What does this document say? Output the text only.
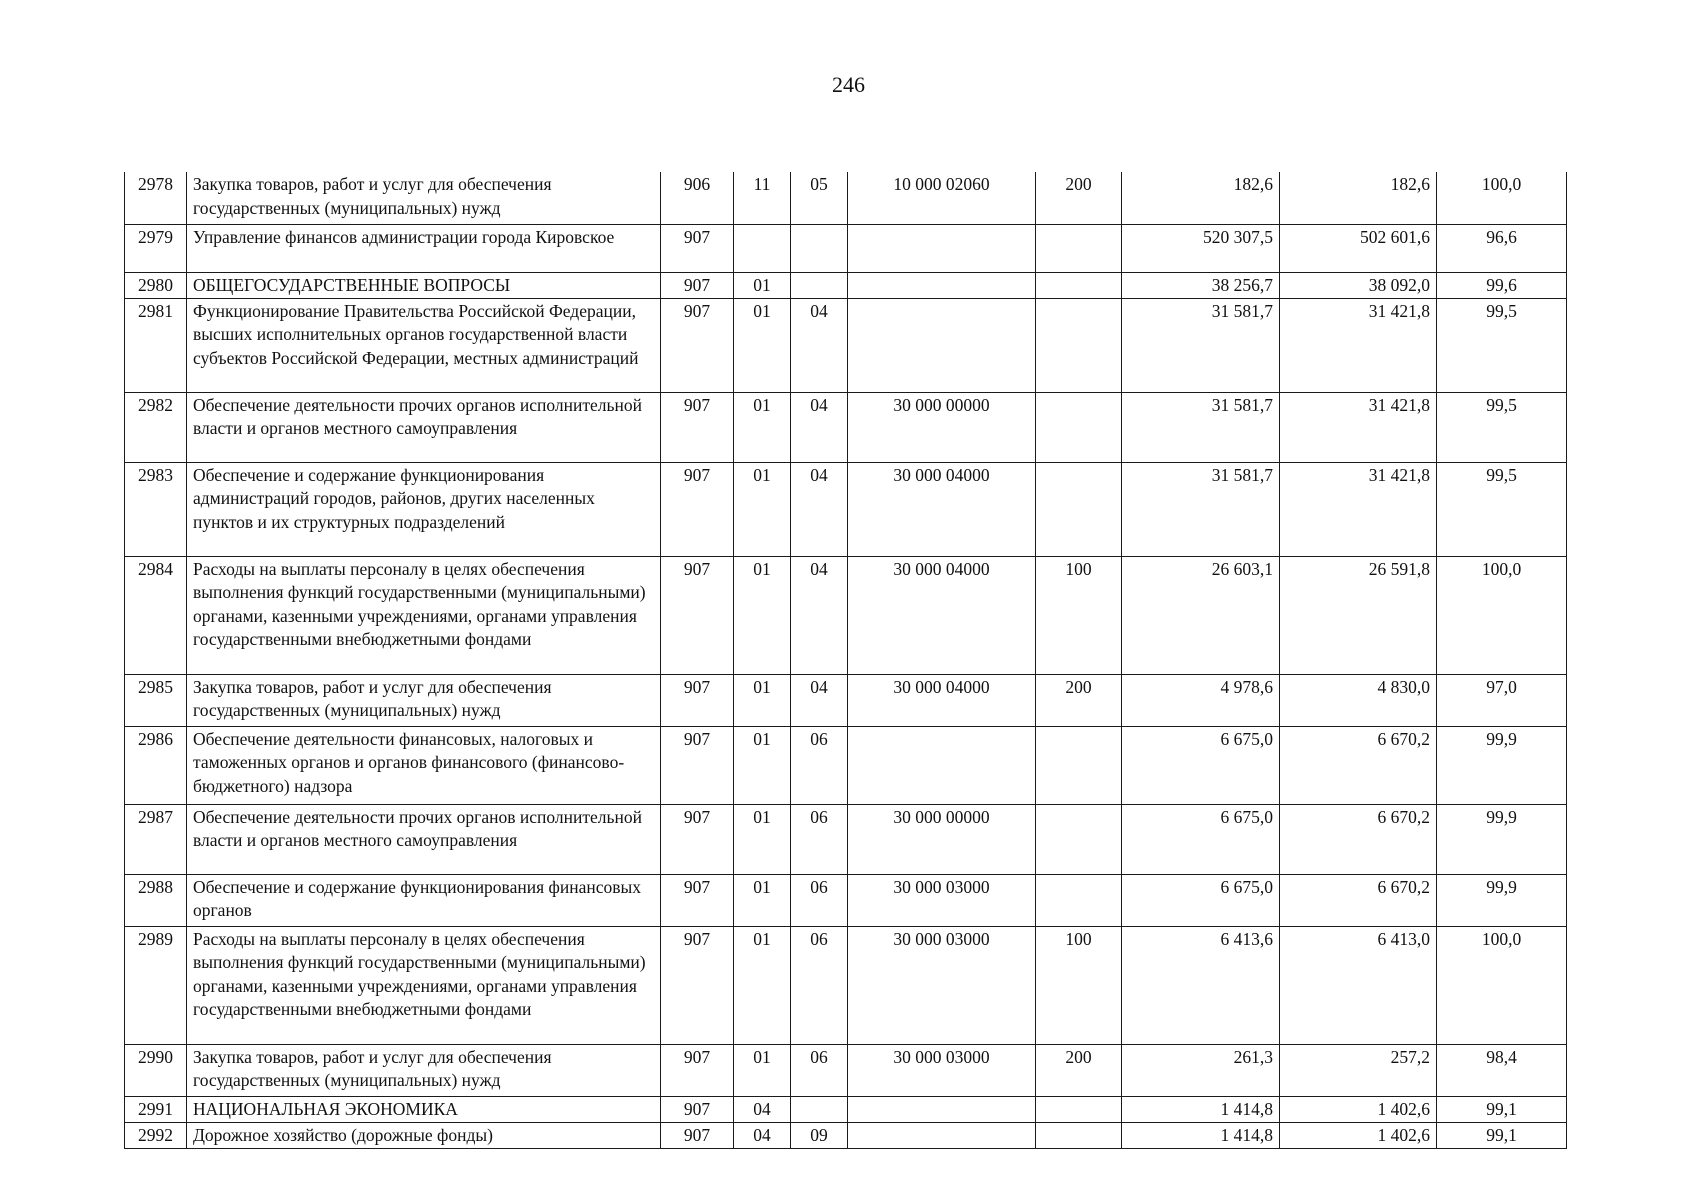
246
2978	Закупка товаров, работ и услуг для обеспечения государственных (муниципальных) нужд	906	11	05	10 000 02060	200	182,6	182,6	100,0
2979	Управление финансов администрации города Кировское	907					520 307,5	502 601,6	96,6
2980	ОБЩЕГОСУДАРСТВЕННЫЕ ВОПРОСЫ	907	01				38 256,7	38 092,0	99,6
2981	Функционирование Правительства Российской Федерации, высших исполнительных органов государственной власти субъектов Российской Федерации, местных администраций	907	01	04			31 581,7	31 421,8	99,5
2982	Обеспечение деятельности прочих органов исполнительной власти и органов местного самоуправления	907	01	04	30 000 00000		31 581,7	31 421,8	99,5
2983	Обеспечение и содержание функционирования администраций городов, районов, других населенных пунктов и их структурных подразделений	907	01	04	30 000 04000		31 581,7	31 421,8	99,5
2984	Расходы на выплаты персоналу в целях обеспечения выполнения функций государственными (муниципальными) органами, казенными учреждениями, органами управления государственными внебюджетными фондами	907	01	04	30 000 04000	100	26 603,1	26 591,8	100,0
2985	Закупка товаров, работ и услуг для обеспечения государственных (муниципальных) нужд	907	01	04	30 000 04000	200	4 978,6	4 830,0	97,0
2986	Обеспечение деятельности финансовых, налоговых и таможенных органов и органов финансового (финансово-бюджетного) надзора	907	01	06			6 675,0	6 670,2	99,9
2987	Обеспечение деятельности прочих органов исполнительной власти и органов местного самоуправления	907	01	06	30 000 00000		6 675,0	6 670,2	99,9
2988	Обеспечение и содержание функционирования финансовых органов	907	01	06	30 000 03000		6 675,0	6 670,2	99,9
2989	Расходы на выплаты персоналу в целях обеспечения выполнения функций государственными (муниципальными) органами, казенными учреждениями, органами управления государственными внебюджетными фондами	907	01	06	30 000 03000	100	6 413,6	6 413,0	100,0
2990	Закупка товаров, работ и услуг для обеспечения государственных (муниципальных) нужд	907	01	06	30 000 03000	200	261,3	257,2	98,4
2991	НАЦИОНАЛЬНАЯ ЭКОНОМИКА	907	04				1 414,8	1 402,6	99,1
2992	Дорожное хозяйство (дорожные фонды)	907	04	09			1 414,8	1 402,6	99,1
